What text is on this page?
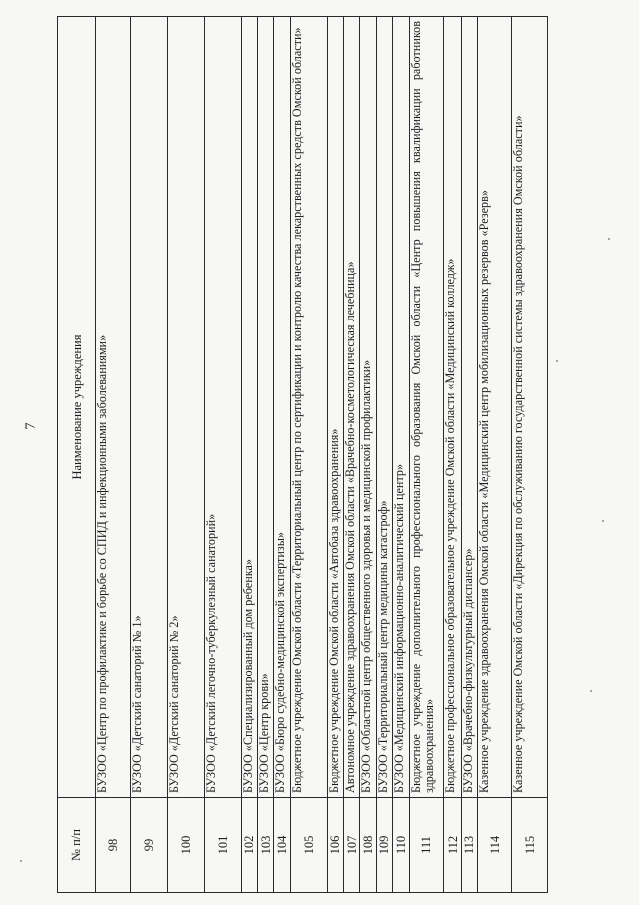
7
№ п/п	Наименование учреждения
98	БУЗОО «Центр по профилактике и борьбе со СПИД и инфекционными заболеваниями»
99	БУЗОО «Детский санаторий № 1»
100	БУЗОО «Детский санаторий № 2»
101	БУЗОО «Детский легочно-туберкулезный санаторий»
102	БУЗОО «Специализированный дом ребенка»
103	БУЗОО «Центр крови»
104	БУЗОО «Бюро судебно-медицинской экспертизы»
105	Бюджетное учреждение Омской области «Территориальный центр по сертификации и контролю качества лекарственных средств Омской области»
106	Бюджетное учреждение Омской области «Автобаза здравоохранения»
107	Автономное учреждение здравоохранения Омской области «Врачебно-косметологическая лечебница»
108	БУЗОО «Областной центр общественного здоровья и медицинской профилактики»
109	БУЗОО «Территориальный центр медицины катастроф»
110	БУЗОО «Медицинский информационно-аналитический центр»
111	Бюджетное учреждение дополнительного профессионального образования Омской области «Центр повышения квалификации работников здравоохранения»
112	Бюджетное профессиональное образовательное учреждение Омской области «Медицинский колледж»
113	БУЗОО «Врачебно-физкультурный диспансер»
114	Казенное учреждение здравоохранения Омской области «Медицинский центр мобилизационных резервов «Резерв»
115	Казенное учреждение Омской области «Дирекция по обслуживанию государственной системы здравоохранения Омской области»
